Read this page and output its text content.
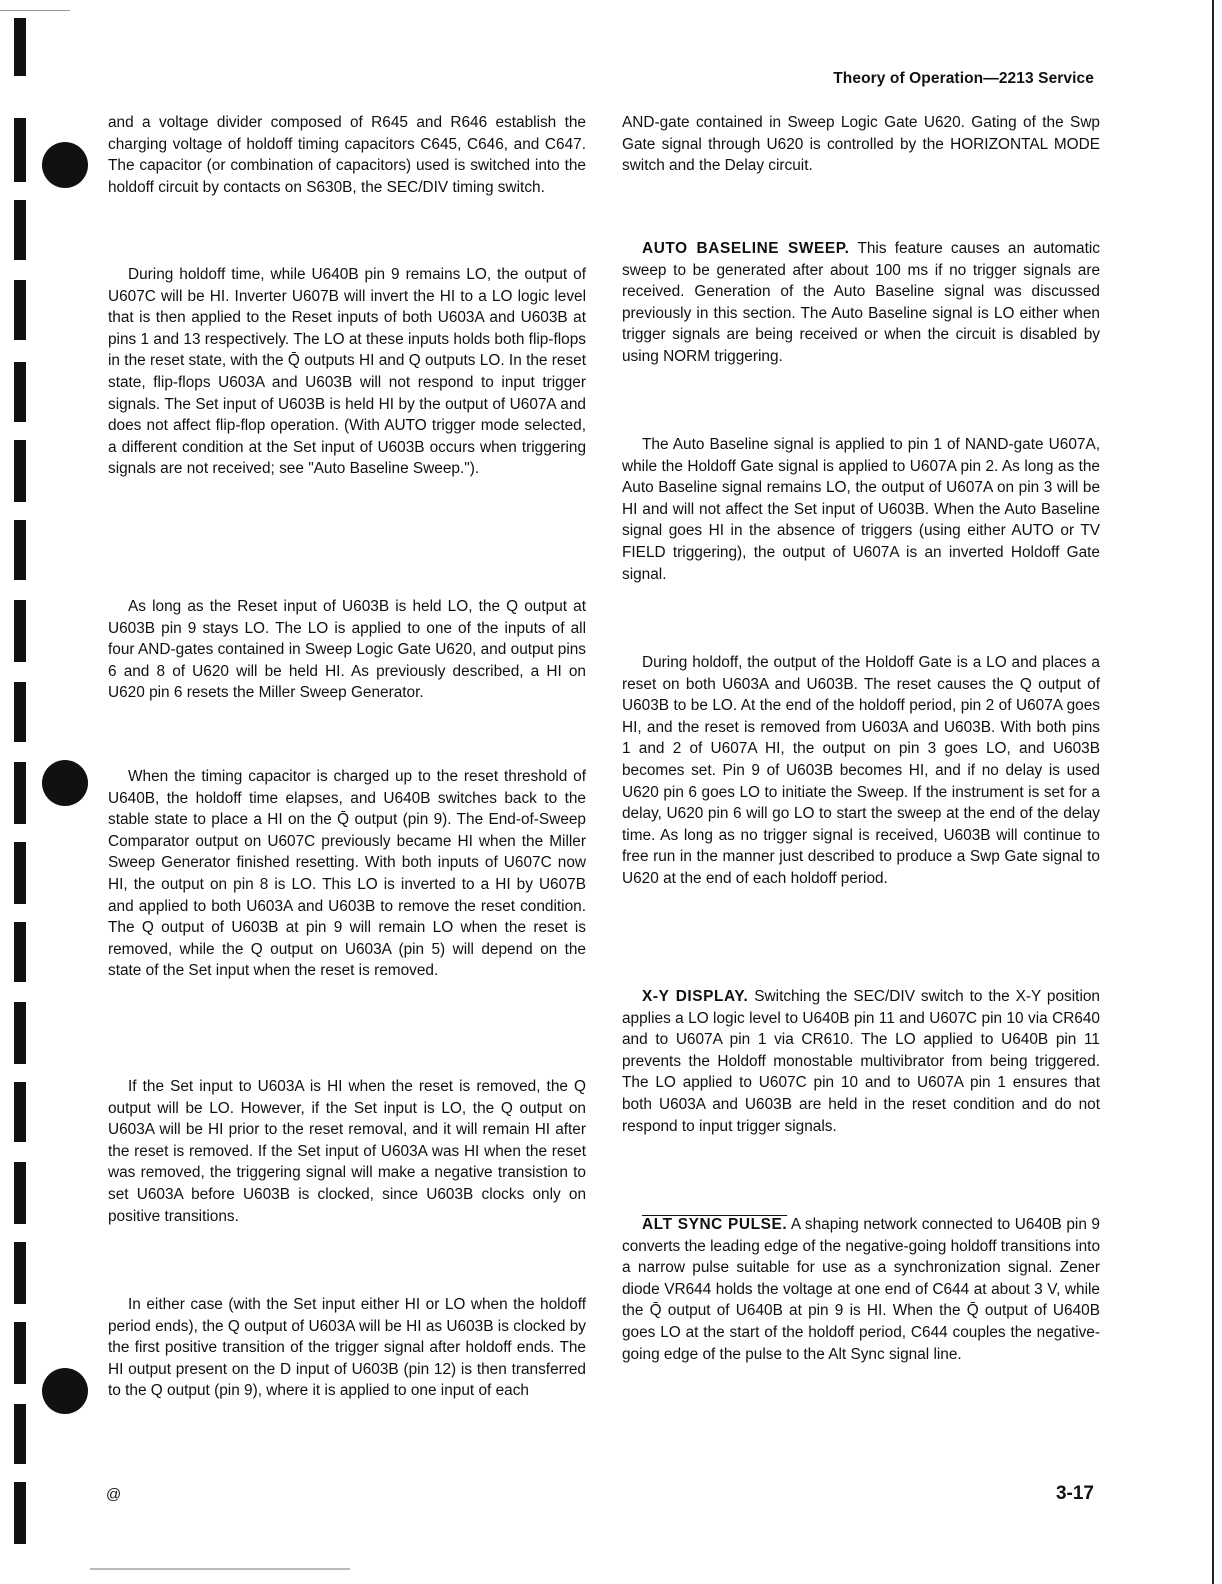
Theory of Operation—2213 Service

and a voltage divider composed of R645 and R646 establish the charging voltage of holdoff timing capacitors C645, C646, and C647. The capacitor (or combination of capacitors) used is switched into the holdoff circuit by contacts on S630B, the SEC/DIV timing switch.

During holdoff time, while U640B pin 9 remains LO, the output of U607C will be HI. Inverter U607B will invert the HI to a LO logic level that is then applied to the Reset inputs of both U603A and U603B at pins 1 and 13 respectively. The LO at these inputs holds both flip-flops in the reset state, with the Q̄ outputs HI and Q outputs LO. In the reset state, flip-flops U603A and U603B will not respond to input trigger signals. The Set input of U603B is held HI by the output of U607A and does not affect flip-flop operation. (With AUTO trigger mode selected, a different condition at the Set input of U603B occurs when triggering signals are not received; see "Auto Baseline Sweep.").

As long as the Reset input of U603B is held LO, the Q output at U603B pin 9 stays LO. The LO is applied to one of the inputs of all four AND-gates contained in Sweep Logic Gate U620, and output pins 6 and 8 of U620 will be held HI. As previously described, a HI on U620 pin 6 resets the Miller Sweep Generator.

When the timing capacitor is charged up to the reset threshold of U640B, the holdoff time elapses, and U640B switches back to the stable state to place a HI on the Q̄ output (pin 9). The End-of-Sweep Comparator output on U607C previously became HI when the Miller Sweep Generator finished resetting. With both inputs of U607C now HI, the output on pin 8 is LO. This LO is inverted to a HI by U607B and applied to both U603A and U603B to remove the reset condition. The Q output of U603B at pin 9 will remain LO when the reset is removed, while the Q output on U603A (pin 5) will depend on the state of the Set input when the reset is removed.

If the Set input to U603A is HI when the reset is removed, the Q output will be LO. However, if the Set input is LO, the Q output on U603A will be HI prior to the reset removal, and it will remain HI after the reset is removed. If the Set input of U603A was HI when the reset was removed, the triggering signal will make a negative transistion to set U603A before U603B is clocked, since U603B clocks only on positive transitions.

In either case (with the Set input either HI or LO when the holdoff period ends), the Q output of U603A will be HI as U603B is clocked by the first positive transition of the trigger signal after holdoff ends. The HI output present on the D input of U603B (pin 12) is then transferred to the Q output (pin 9), where it is applied to one input of each

AND-gate contained in Sweep Logic Gate U620. Gating of the Swp Gate signal through U620 is controlled by the HORIZONTAL MODE switch and the Delay circuit.

AUTO BASELINE SWEEP. This feature causes an automatic sweep to be generated after about 100 ms if no trigger signals are received. Generation of the Auto Baseline signal was discussed previously in this section. The Auto Baseline signal is LO either when trigger signals are being received or when the circuit is disabled by using NORM triggering.

The Auto Baseline signal is applied to pin 1 of NAND-gate U607A, while the Holdoff Gate signal is applied to U607A pin 2. As long as the Auto Baseline signal remains LO, the output of U607A on pin 3 will be HI and will not affect the Set input of U603B. When the Auto Baseline signal goes HI in the absence of triggers (using either AUTO or TV FIELD triggering), the output of U607A is an inverted Holdoff Gate signal.

During holdoff, the output of the Holdoff Gate is a LO and places a reset on both U603A and U603B. The reset causes the Q output of U603B to be LO. At the end of the holdoff period, pin 2 of U607A goes HI, and the reset is removed from U603A and U603B. With both pins 1 and 2 of U607A HI, the output on pin 3 goes LO, and U603B becomes set. Pin 9 of U603B becomes HI, and if no delay is used U620 pin 6 goes LO to initiate the Sweep. If the instrument is set for a delay, U620 pin 6 will go LO to start the sweep at the end of the delay time. As long as no trigger signal is received, U603B will continue to free run in the manner just described to produce a Swp Gate signal to U620 at the end of each holdoff period.

X-Y DISPLAY. Switching the SEC/DIV switch to the X-Y position applies a LO logic level to U640B pin 11 and U607C pin 10 via CR640 and to U607A pin 1 via CR610. The LO applied to U640B pin 11 prevents the Holdoff monostable multivibrator from being triggered. The LO applied to U607C pin 10 and to U607A pin 1 ensures that both U603A and U603B are held in the reset condition and do not respond to input trigger signals.

ALT SYNC PULSE. A shaping network connected to U640B pin 9 converts the leading edge of the negative-going holdoff transitions into a narrow pulse suitable for use as a synchronization signal. Zener diode VR644 holds the voltage at one end of C644 at about 3 V, while the Q̄ output of U640B at pin 9 is HI. When the Q̄ output of U640B goes LO at the start of the holdoff period, C644 couples the negative-going edge of the pulse to the Alt Sync signal line.

@	3-17
